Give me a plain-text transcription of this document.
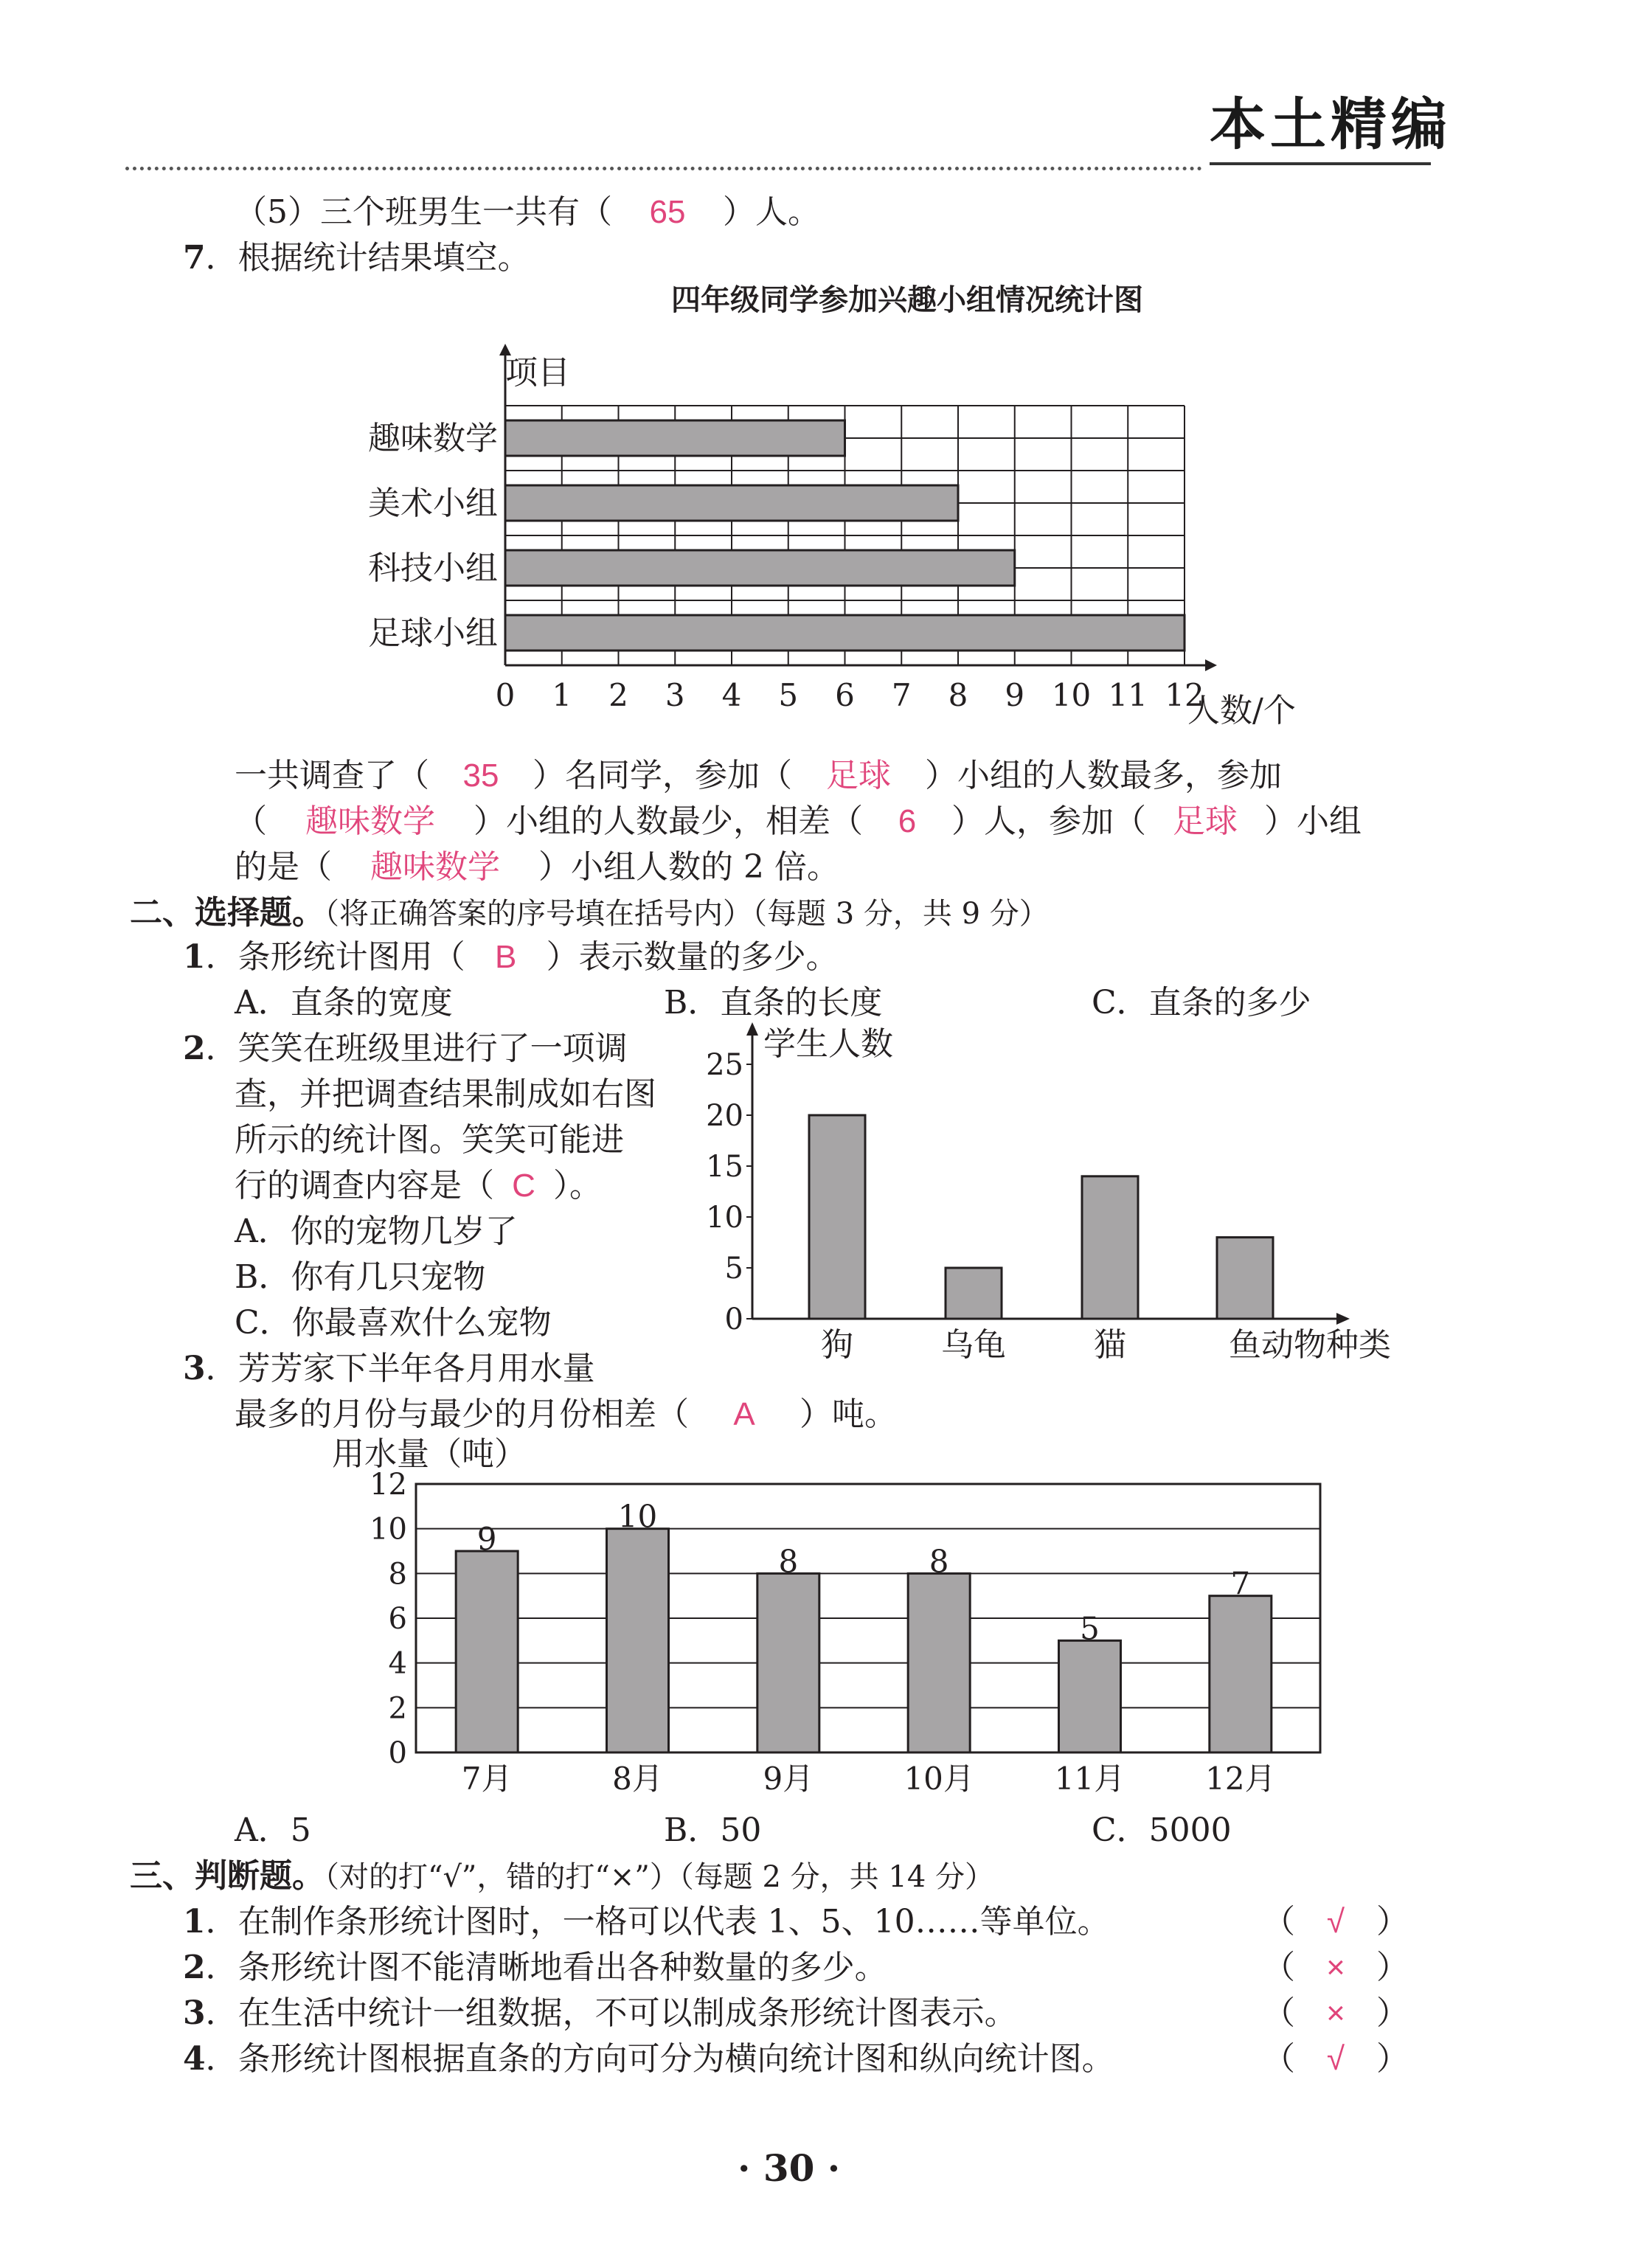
本土精编
（5）三个班男生一共有（ 65 ）人。
7．根据统计结果填空。
四年级同学参加兴趣小组情况统计图
趣味数学
美术小组
科技小组
足球小组
0 1 2 3 4 5 6 7 8 9 10 11 12
项目
人数/个
一共调查了（ 35 ）名同学，参加（ 足球 ）小组的人数最多，参加
（ 趣味数学 ）小组的人数最少，相差（ 6 ）人，参加（ 足球 ）小组
的是（ 趣味数学 ）小组人数的 2 倍。
二、选择题。（将正确答案的序号填在括号内）（每题 3 分，共 9 分）
1．条形统计图用（ B ）表示数量的多少。
A．直条的宽度	B．直条的长度	C．直条的多少
2．笑笑在班级里进行了一项调
查，并把调查结果制成如右图
所示的统计图。笑笑可能进
行的调查内容是（ C ）。
A．你的宠物几岁了
B．你有几只宠物
C．你最喜欢什么宠物
狗	乌龟	猫	鱼
0
5
10
15
20
25
学生人数
动物种类
3．芳芳家下半年各月用水量
最多的月份与最少的月份相差（ A ）吨。
0
2
4
6
8
10
12
9
7月
10
8月
8
9月
8
10月
5
11月
7
12月
用水量（吨）
A．5	B．50	C．5000
三、判断题。（对的打“√”，错的打“×”）（每题 2 分，共 14 分）
1．在制作条形统计图时，一格可以代表 1、5、10……等单位。	（ √ ）
2．条形统计图不能清晰地看出各种数量的多少。	（ × ）
3．在生活中统计一组数据，不可以制成条形统计图表示。	（ × ）
4．条形统计图根据直条的方向可分为横向统计图和纵向统计图。	（ √ ）
· 30 ·
